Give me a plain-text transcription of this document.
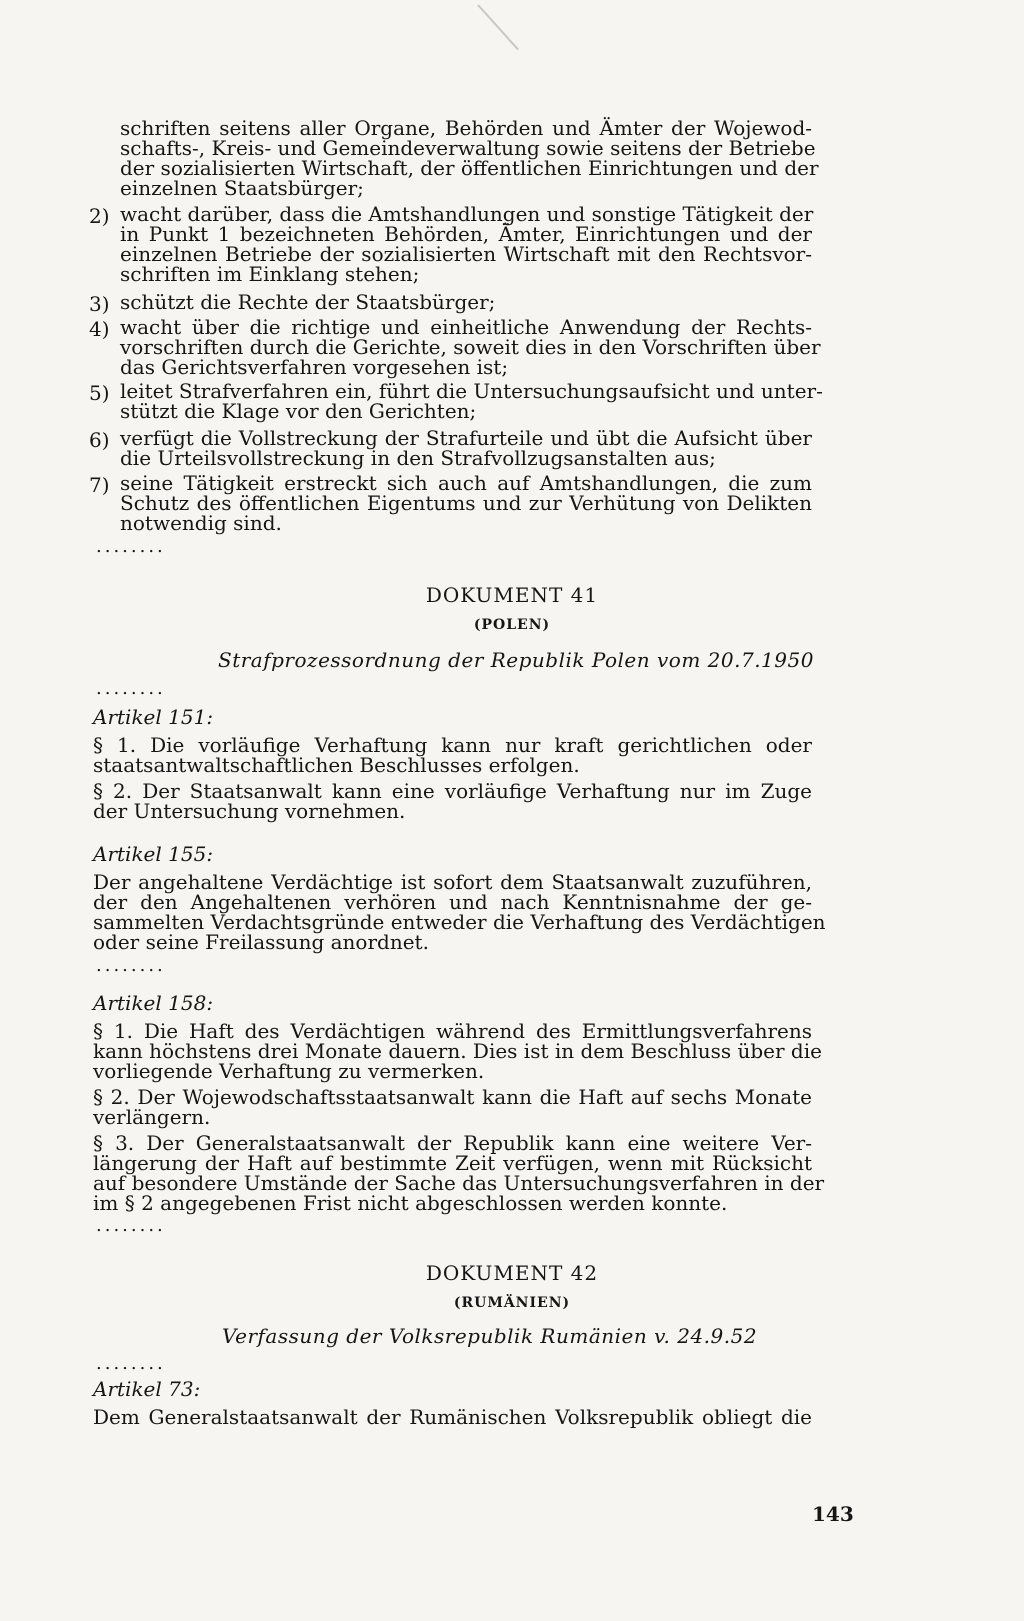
schriften seitens aller Organe, Behörden und Ämter der Wojewod-
schafts-, Kreis- und Gemeindeverwaltung sowie seitens der Betriebe
der sozialisierten Wirtschaft, der öffentlichen Einrichtungen und der
einzelnen Staatsbürger;
2) wacht darüber, dass die Amtshandlungen und sonstige Tätigkeit der
in Punkt 1 bezeichneten Behörden, Ämter, Einrichtungen und der
einzelnen Betriebe der sozialisierten Wirtschaft mit den Rechtsvor-
schriften im Einklang stehen;
3) schützt die Rechte der Staatsbürger;
4) wacht über die richtige und einheitliche Anwendung der Rechts-
vorschriften durch die Gerichte, soweit dies in den Vorschriften über
das Gerichtsverfahren vorgesehen ist;
5) leitet Strafverfahren ein, führt die Untersuchungsaufsicht und unter-
stützt die Klage vor den Gerichten;
6) verfügt die Vollstreckung der Strafurteile und übt die Aufsicht über
die Urteilsvollstreckung in den Strafvollzugsanstalten aus;
7) seine Tätigkeit erstreckt sich auch auf Amtshandlungen, die zum
Schutz des öffentlichen Eigentums und zur Verhütung von Delikten
notwendig sind.
........
DOKUMENT 41
(POLEN)
Strafprozessordnung der Republik Polen vom 20.7.1950
........
Artikel 151:
§ 1. Die vorläufige Verhaftung kann nur kraft gerichtlichen oder
staatsantwaltschaftlichen Beschlusses erfolgen.
§ 2. Der Staatsanwalt kann eine vorläufige Verhaftung nur im Zuge
der Untersuchung vornehmen.
Artikel 155:
Der angehaltene Verdächtige ist sofort dem Staatsanwalt zuzuführen,
der den Angehaltenen verhören und nach Kenntnisnahme der ge-
sammelten Verdachtsgründe entweder die Verhaftung des Verdächtigen
oder seine Freilassung anordnet.
........
Artikel 158:
§ 1. Die Haft des Verdächtigen während des Ermittlungsverfahrens
kann höchstens drei Monate dauern. Dies ist in dem Beschluss über die
vorliegende Verhaftung zu vermerken.
§ 2. Der Wojewodschaftsstaatsanwalt kann die Haft auf sechs Monate
verlängern.
§ 3. Der Generalstaatsanwalt der Republik kann eine weitere Ver-
längerung der Haft auf bestimmte Zeit verfügen, wenn mit Rücksicht
auf besondere Umstände der Sache das Untersuchungsverfahren in der
im § 2 angegebenen Frist nicht abgeschlossen werden konnte.
........
DOKUMENT 42
(RUMÄNIEN)
Verfassung der Volksrepublik Rumänien v. 24.9.52
........
Artikel 73:
Dem Generalstaatsanwalt der Rumänischen Volksrepublik obliegt die
143
